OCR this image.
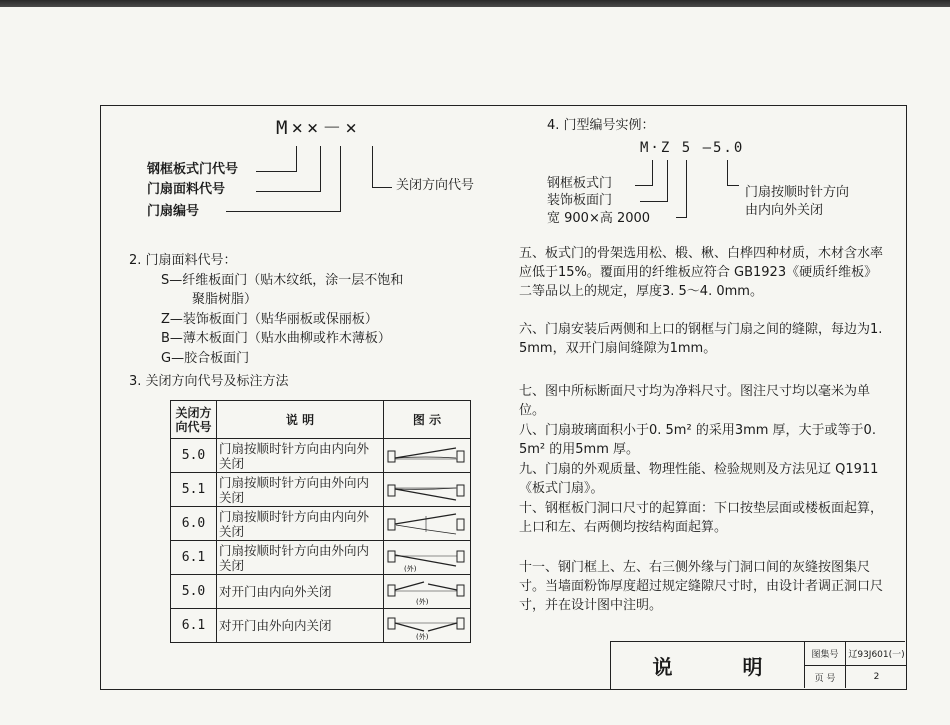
M××－×
钢框板式门代号
门扇面料代号
门扇编号
关闭方向代号
4. 门型编号实例：
M·Z 5 —5.0
钢框板式门
装饰板面门
宽 900×高 2000
门扇按顺时针方向
由内向外关闭
2. 门扇面料代号：
S—纤维板面门（贴木纹纸，涂一层不饱和
聚脂树脂）
Z—装饰板面门（贴华丽板或保丽板）
B—薄木板面门（贴水曲柳或柞木薄板）
G—胶合板面门
3. 关闭方向代号及标注方法
关闭方向代号	说 明	图 示
5.0	门扇按顺时针方向由内向外关闭	

5.1	门扇按顺时针方向由外向内关闭	

6.0	门扇按顺时针方向由内向外关闭	

6.1	门扇按顺时针方向由外向内关闭	(外)

5.0	对开门由内向外关闭	(外)

6.1	对开门由外向内关闭	(外)

五、板式门的骨架选用松、椴、楸、白桦四种材质，木材含水率应低于15%。覆面用的纤维板应符合 GB1923《硬质纤维板》二等品以上的规定，厚度3. 5～4. 0mm。

六、门扇安装后两侧和上口的钢框与门扇之间的缝隙，每边为1. 5mm，双开门扇间缝隙为1mm。

七、图中所标断面尺寸均为净料尺寸。图注尺寸均以毫米为单位。

八、门扇玻璃面积小于0. 5m² 的采用3mm 厚，大于或等于0. 5m² 的用5mm 厚。

九、门扇的外观质量、物理性能、检验规则及方法见辽 Q1911《板式门扇》。

十、钢框板门洞口尺寸的起算面：下口按垫层面或楼板面起算，上口和左、右两侧均按结构面起算。

十一、钢门框上、左、右三侧外缘与门洞口间的灰缝按图集尺寸。当墙面粉饰厚度超过规定缝隙尺寸时，由设计者调正洞口尺寸，并在设计图中注明。

说	明	图集号	辽93J601(一)
页 号	2
